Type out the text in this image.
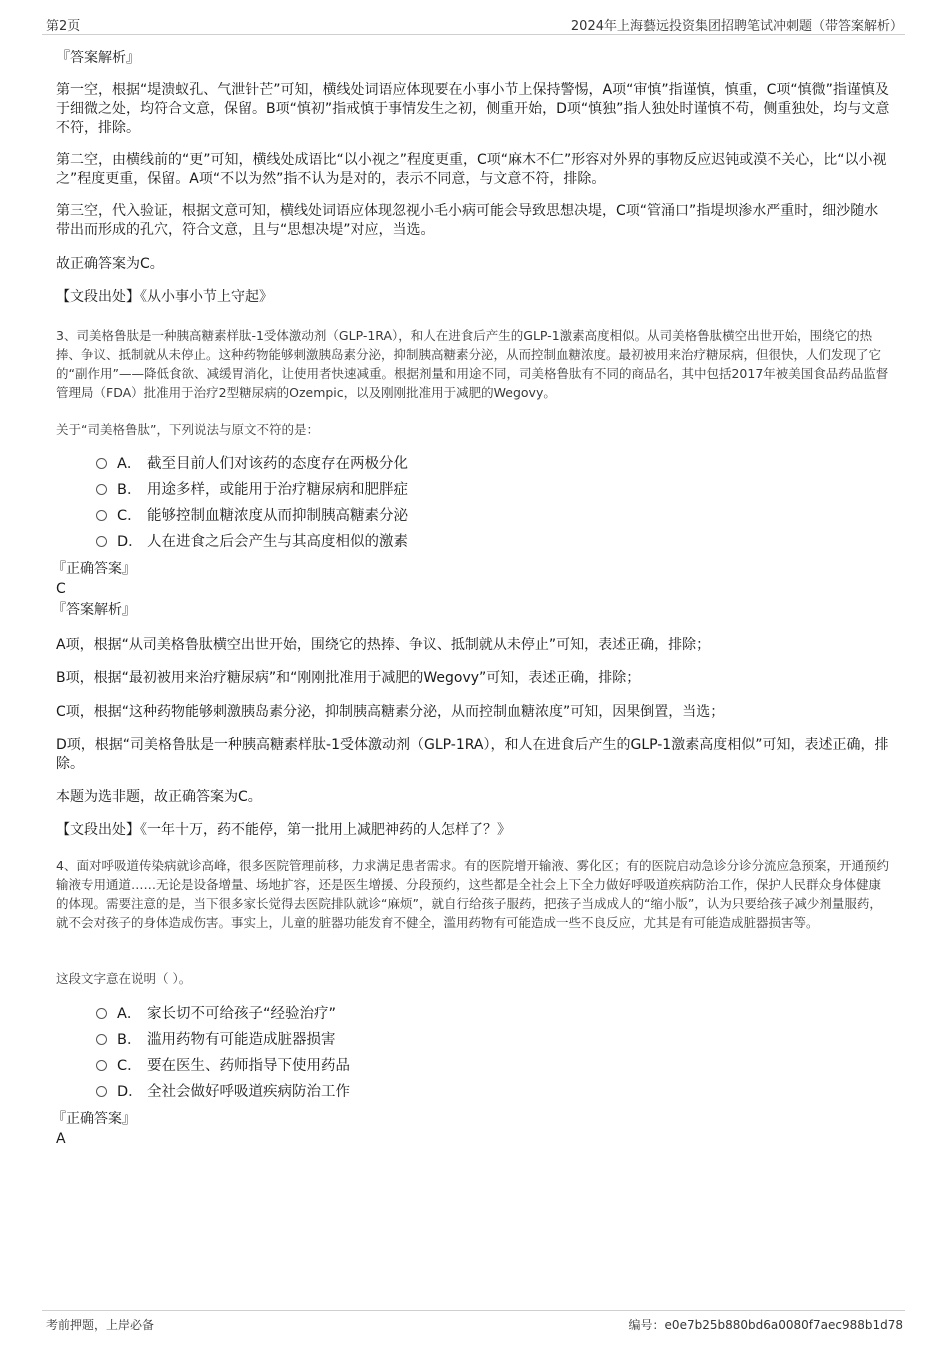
第2页	2024年上海藝远投资集团招聘笔试冲刺题（带答案解析）

『答案解析』

第一空，根据“堤溃蚁孔、气泄针芒”可知，横线处词语应体现要在小事小节上保持警惕，A项“审慎”指谨慎，慎重，C项“慎微”指谨慎及于细微之处，均符合文意，保留。B项“慎初”指戒慎于事情发生之初，侧重开始，D项“慎独”指人独处时谨慎不苟，侧重独处，均与文意不符，排除。

第二空，由横线前的“更”可知，横线处成语比“以小视之”程度更重，C项“麻木不仁”形容对外界的事物反应迟钝或漠不关心，比“以小视之”程度更重，保留。A项“不以为然”指不认为是对的，表示不同意，与文意不符，排除。

第三空，代入验证，根据文意可知，横线处词语应体现忽视小毛小病可能会导致思想决堤，C项“管涌口”指堤坝渗水严重时，细沙随水带出而形成的孔穴，符合文意，且与“思想决堤”对应，当选。

故正确答案为C。

【文段出处】《从小事小节上守起》

3、司美格鲁肽是一种胰高糖素样肽-1受体激动剂（GLP-1RA），和人在进食后产生的GLP-1激素高度相似。从司美格鲁肽横空出世开始，围绕它的热捧、争议、抵制就从未停止。这种药物能够刺激胰岛素分泌，抑制胰高糖素分泌，从而控制血糖浓度。最初被用来治疗糖尿病，但很快，人们发现了它的“副作用”——降低食欲、减缓胃消化，让使用者快速减重。根据剂量和用途不同，司美格鲁肽有不同的商品名，其中包括2017年被美国食品药品监督管理局（FDA）批准用于治疗2型糖尿病的Ozempic，以及刚刚批准用于减肥的Wegovy。

关于“司美格鲁肽”，下列说法与原文不符的是：

A． 截至目前人们对该药的态度存在两极分化
B． 用途多样，或能用于治疗糖尿病和肥胖症
C． 能够控制血糖浓度从而抑制胰高糖素分泌
D． 人在进食之后会产生与其高度相似的激素

『正确答案』

C

『答案解析』

A项，根据“从司美格鲁肽横空出世开始，围绕它的热捧、争议、抵制就从未停止”可知，表述正确，排除；

B项，根据“最初被用来治疗糖尿病”和“刚刚批准用于减肥的Wegovy”可知，表述正确，排除；

C项，根据“这种药物能够刺激胰岛素分泌，抑制胰高糖素分泌，从而控制血糖浓度”可知，因果倒置，当选；

D项，根据“司美格鲁肽是一种胰高糖素样肽-1受体激动剂（GLP-1RA），和人在进食后产生的GLP-1激素高度相似”可知，表述正确，排除。

本题为选非题，故正确答案为C。

【文段出处】《一年十万，药不能停，第一批用上减肥神药的人怎样了？》

4、面对呼吸道传染病就诊高峰，很多医院管理前移，力求满足患者需求。有的医院增开输液、雾化区；有的医院启动急诊分诊分流应急预案，开通预约输液专用通道……无论是设备增量、场地扩容，还是医生增援、分段预约，这些都是全社会上下全力做好呼吸道疾病防治工作，保护人民群众身体健康的体现。需要注意的是，当下很多家长觉得去医院排队就诊“麻烦”，就自行给孩子服药，把孩子当成成人的“缩小版”，认为只要给孩子减少剂量服药，就不会对孩子的身体造成伤害。事实上，儿童的脏器功能发育不健全，滥用药物有可能造成一些不良反应，尤其是有可能造成脏器损害等。

这段文字意在说明（ ）。

A． 家长切不可给孩子“经验治疗”
B． 滥用药物有可能造成脏器损害
C． 要在医生、药师指导下使用药品
D． 全社会做好呼吸道疾病防治工作

『正确答案』

A

考前押题，上岸必备	编号：e0e7b25b880bd6a0080f7aec988b1d78
